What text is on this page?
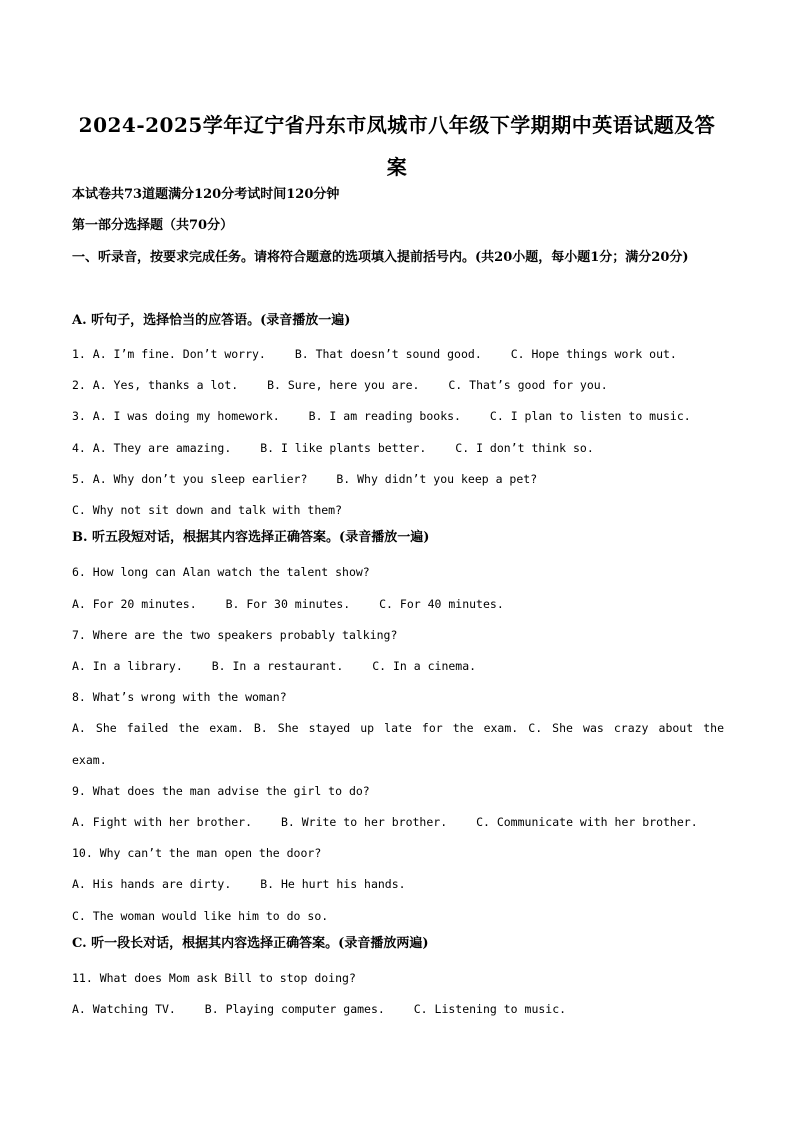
2024-2025学年辽宁省丹东市凤城市八年级下学期期中英语试题及答案
本试卷共73道题满分120分考试时间120分钟
第一部分选择题（共70分）
一、听录音，按要求完成任务。请将符合题意的选项填入提前括号内。(共20小题，每小题1分；满分20分)
A. 听句子，选择恰当的应答语。(录音播放一遍)
1. A. I’m fine. Don’t worry.	B. That doesn’t sound good.	C. Hope things work out.
2. A. Yes, thanks a lot.	B. Sure, here you are.	C. That’s good for you.
3. A. I was doing my homework.	B. I am reading books.	C. I plan to listen to music.
4. A. They are amazing.	B. I like plants better.	C. I don’t think so.
5. A. Why don’t you sleep earlier?	B. Why didn’t you keep a pet?
C. Why not sit down and talk with them?
B. 听五段短对话，根据其内容选择正确答案。(录音播放一遍)
6. How long can Alan watch the talent show?
A. For 20 minutes.	B. For 30 minutes.	C. For 40 minutes.
7. Where are the two speakers probably talking?
A. In a library.	B. In a restaurant.	C. In a cinema.
8. What’s wrong with the woman?
A. She failed the exam. B. She stayed up late for the exam. C. She was crazy about the
exam.
9. What does the man advise the girl to do?
A. Fight with her brother.	B. Write to her brother.	C. Communicate with her brother.
10. Why can’t the man open the door?
A. His hands are dirty.	B. He hurt his hands.
C. The woman would like him to do so.
C. 听一段长对话，根据其内容选择正确答案。(录音播放两遍)
11. What does Mom ask Bill to stop doing?
A. Watching TV.	B. Playing computer games.	C. Listening to music.
